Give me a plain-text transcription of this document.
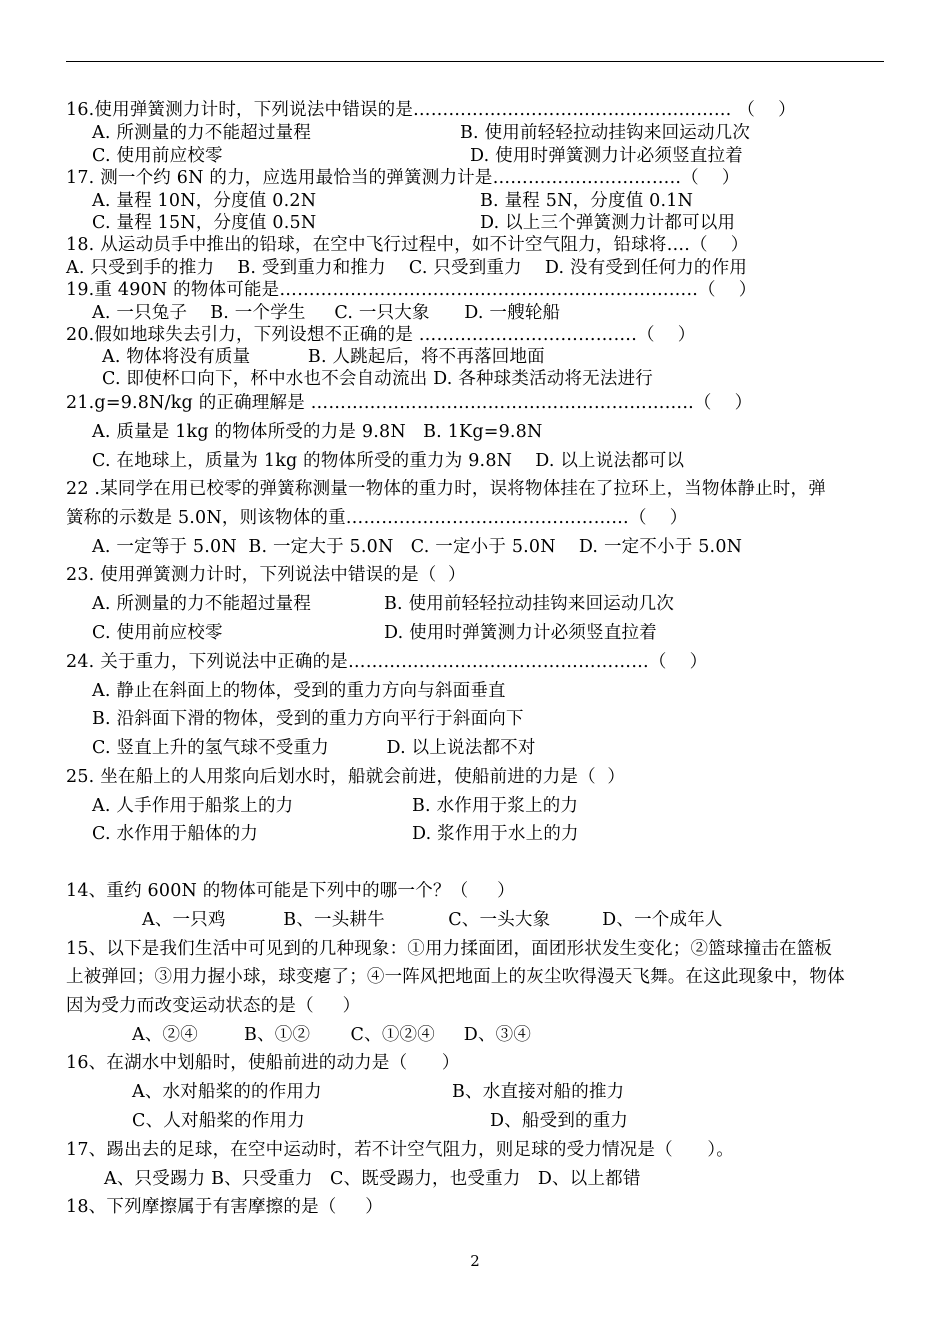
16.使用弹簧测力计时，下列说法中错误的是……………………………………………… （    ）
A. 所测量的力不能超过量程	B. 使用前轻轻拉动挂钩来回运动几次
C. 使用前应校零	D. 使用时弹簧测力计必须竖直拉着
17. 测一个约 6N 的力，应选用最恰当的弹簧测力计是…………………………..（    ）
A. 量程 10N，分度值 0.2N	B. 量程 5N，分度值 0.1N
C. 量程 15N，分度值 0.5N	D. 以上三个弹簧测力计都可以用
18. 从运动员手中推出的铅球，在空中飞行过程中，如不计空气阻力，铅球将….（    ）
A. 只受到手的推力    B. 受到重力和推力    C. 只受到重力    D. 没有受到任何力的作用
19.重 490N 的物体可能是……………………………………………………………..（    ）
A. 一只兔子    B. 一个学生     C. 一只大象      D. 一艘轮船
20.假如地球失去引力，下列设想不正确的是 ……………………………….（    ）
A. 物体将没有质量          B. 人跳起后，将不再落回地面
C. 即使杯口向下，杯中水也不会自动流出 D. 各种球类活动将无法进行
21.g=9.8N/kg 的正确理解是 ………………………………………………………..（    ）
A. 质量是 1kg 的物体所受的力是 9.8N   B. 1Kg=9.8N
C. 在地球上，质量为 1kg 的物体所受的重力为 9.8N    D. 以上说法都可以
22 .某同学在用已校零的弹簧称测量一物体的重力时，误将物体挂在了拉环上，当物体静止时，弹
簧称的示数是 5.0N，则该物体的重…………………………………………（    ）
A. 一定等于 5.0N  B. 一定大于 5.0N   C. 一定小于 5.0N    D. 一定不小于 5.0N
23. 使用弹簧测力计时，下列说法中错误的是（  ）
A. 所测量的力不能超过量程	B. 使用前轻轻拉动挂钩来回运动几次
C. 使用前应校零	D. 使用时弹簧测力计必须竖直拉着
24. 关于重力，下列说法中正确的是……………………………………………（    ）
A. 静止在斜面上的物体，受到的重力方向与斜面垂直
B. 沿斜面下滑的物体，受到的重力方向平行于斜面向下
C. 竖直上升的氢气球不受重力          D. 以上说法都不对
25. 坐在船上的人用浆向后划水时，船就会前进，使船前进的力是（  ）
A. 人手作用于船浆上的力	B. 水作用于浆上的力
C. 水作用于船体的力	D. 浆作用于水上的力
14、重约 600N 的物体可能是下列中的哪一个？（     ）
A、一只鸡          B、一头耕牛           C、一头大象         D、一个成年人
15、以下是我们生活中可见到的几种现象：①用力揉面团，面团形状发生变化；②篮球撞击在篮板
上被弹回；③用力握小球，球变瘪了；④一阵风把地面上的灰尘吹得漫天飞舞。在这此现象中，物体
因为受力而改变运动状态的是（     ）
A、②④        B、①②       C、①②④     D、③④
16、在湖水中划船时，使船前进的动力是（      ）
A、水对船桨的的作用力	B、水直接对船的推力
C、人对船桨的作用力	D、船受到的重力
17、踢出去的足球，在空中运动时，若不计空气阻力，则足球的受力情况是（      ）。
A、只受踢力 B、只受重力   C、既受踢力，也受重力   D、以上都错
18、下列摩擦属于有害摩擦的是（     ）
2
